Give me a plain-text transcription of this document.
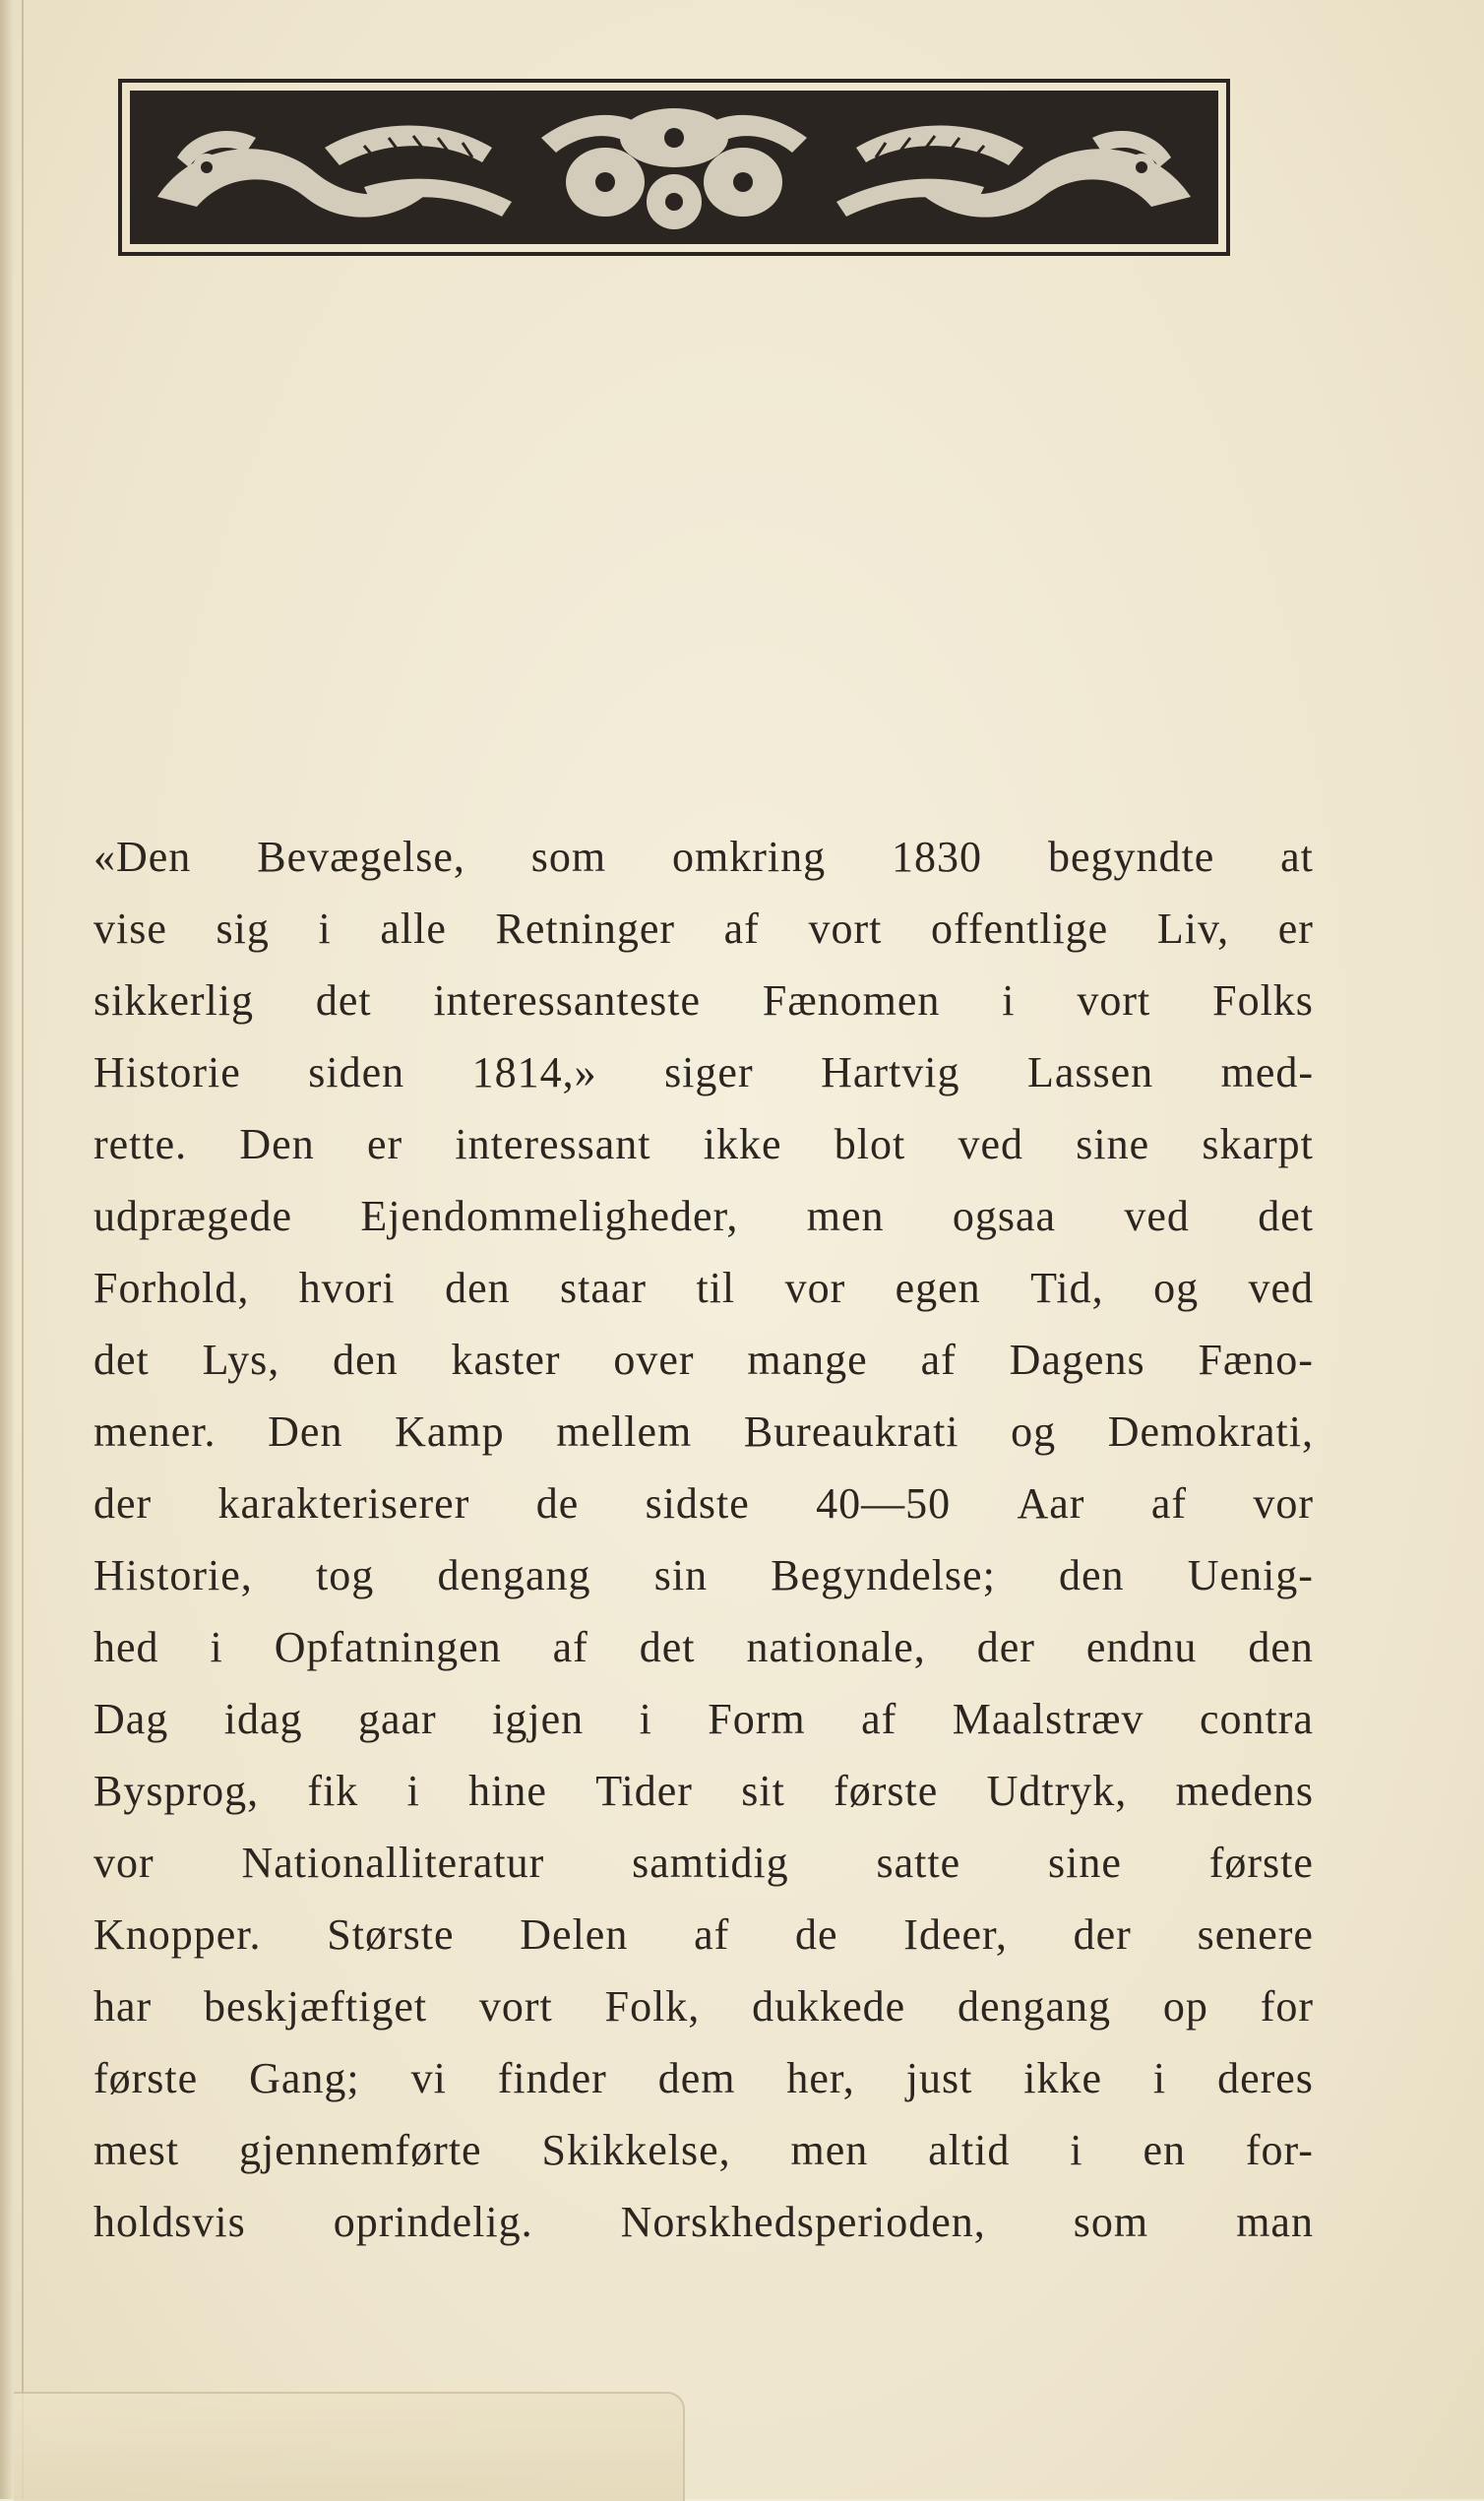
«Den Bevægelse, som omkring 1830 begyndte at
vise sig i alle Retninger af vort offentlige Liv, er
sikkerlig det interessanteste Fænomen i vort Folks
Historie siden 1814,» siger Hartvig Lassen med-
rette. Den er interessant ikke blot ved sine skarpt
udprægede Ejendommeligheder, men ogsaa ved det
Forhold, hvori den staar til vor egen Tid, og ved
det Lys, den kaster over mange af Dagens Fæno-
mener. Den Kamp mellem Bureaukrati og Demokrati,
der karakteriserer de sidste 40—50 Aar af vor
Historie, tog dengang sin Begyndelse; den Uenig-
hed i Opfatningen af det nationale, der endnu den
Dag idag gaar igjen i Form af Maalstræv contra
Bysprog, fik i hine Tider sit første Udtryk, medens
vor Nationalliteratur samtidig satte sine første
Knopper. Største Delen af de Ideer, der senere
har beskjæftiget vort Folk, dukkede dengang op for
første Gang; vi finder dem her, just ikke i deres
mest gjennemførte Skikkelse, men altid i en for-
holdsvis oprindelig. Norskhedsperioden, som man
